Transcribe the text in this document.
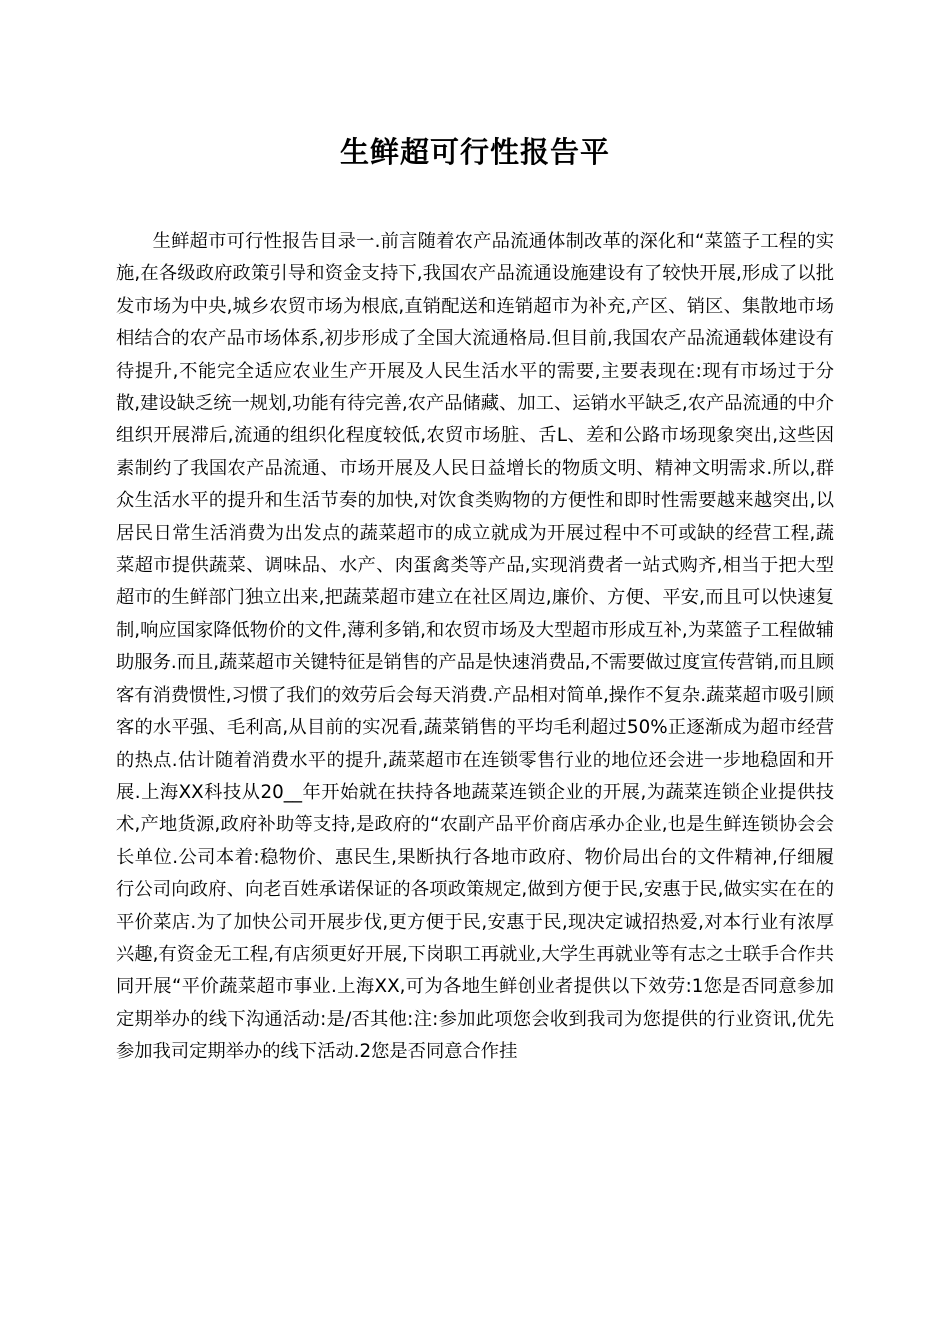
生鲜超可行性报告平
生鲜超市可行性报告目录一.前言随着农产品流通体制改革的深化和“菜篮子工程的实施,在各级政府政策引导和资金支持下,我国农产品流通设施建设有了较快开展,形成了以批发市场为中央,城乡农贸市场为根底,直销配送和连销超市为补充,产区、销区、集散地市场相结合的农产品市场体系,初步形成了全国大流通格局.但目前,我国农产品流通载体建设有待提升,不能完全适应农业生产开展及人民生活水平的需要,主要表现在:现有市场过于分散,建设缺乏统一规划,功能有待完善,农产品储藏、加工、运销水平缺乏,农产品流通的中介组织开展滞后,流通的组织化程度较低,农贸市场脏、舌L、差和公路市场现象突出,这些因素制约了我国农产品流通、市场开展及人民日益增长的物质文明、精神文明需求.所以,群众生活水平的提升和生活节奏的加快,对饮食类购物的方便性和即时性需要越来越突出,以居民日常生活消费为出发点的蔬菜超市的成立就成为开展过程中不可或缺的经营工程,蔬菜超市提供蔬菜、调味品、水产、肉蛋禽类等产品,实现消费者一站式购齐,相当于把大型超市的生鲜部门独立出来,把蔬菜超市建立在社区周边,廉价、方便、平安,而且可以快速复制,响应国家降低物价的文件,薄利多销,和农贸市场及大型超市形成互补,为菜篮子工程做辅助服务.而且,蔬菜超市关键特征是销售的产品是快速消费品,不需要做过度宣传营销,而且顾客有消费惯性,习惯了我们的效劳后会每天消费.产品相对简单,操作不复杂.蔬菜超市吸引顾客的水平强、毛利高,从目前的实况看,蔬菜销售的平均毛利超过50%正逐渐成为超市经营的热点.估计随着消费水平的提升,蔬菜超市在连锁零售行业的地位还会进一步地稳固和开展.上海XX科技从20__年开始就在扶持各地蔬菜连锁企业的开展,为蔬菜连锁企业提供技术,产地货源,政府补助等支持,是政府的“农副产品平价商店承办企业,也是生鲜连锁协会会长单位.公司本着:稳物价、惠民生,果断执行各地市政府、物价局出台的文件精神,仔细履行公司向政府、向老百姓承诺保证的各项政策规定,做到方便于民,安惠于民,做实实在在的平价菜店.为了加快公司开展步伐,更方便于民,安惠于民,现决定诚招热爱,对本行业有浓厚兴趣,有资金无工程,有店须更好开展,下岗职工再就业,大学生再就业等有志之士联手合作共同开展“平价蔬菜超市事业.上海XX,可为各地生鲜创业者提供以下效劳:1您是否同意参加定期举办的线下沟通活动:是/否其他:注:参加此项您会收到我司为您提供的行业资讯,优先参加我司定期举办的线下活动.2您是否同意合作挂
